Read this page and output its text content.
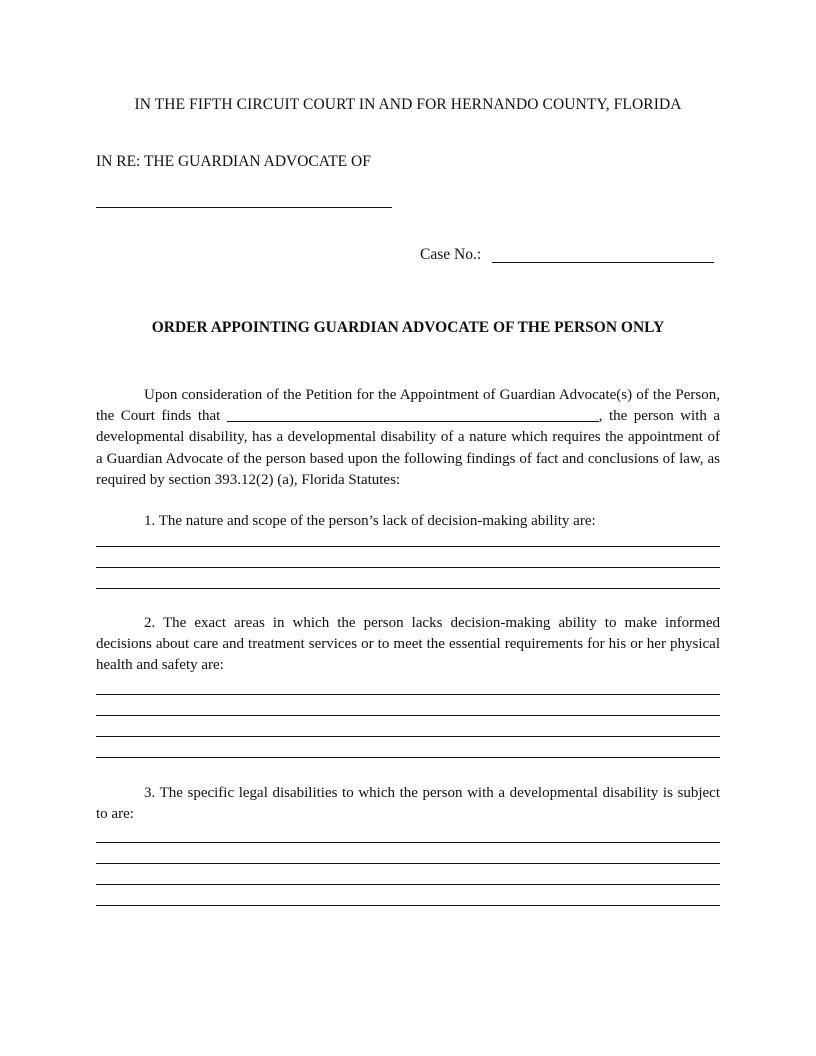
IN THE FIFTH CIRCUIT COURT IN AND FOR HERNANDO COUNTY, FLORIDA
IN RE: THE GUARDIAN ADVOCATE OF
Case No.:
ORDER APPOINTING GUARDIAN ADVOCATE OF THE PERSON ONLY
Upon consideration of the Petition for the Appointment of Guardian Advocate(s) of the Person, the Court finds that	, the person with a developmental disability, has a developmental disability of a nature which requires the appointment of a Guardian Advocate of the person based upon the following findings of fact and conclusions of law, as required by section 393.12(2) (a), Florida Statutes:
1. The nature and scope of the person’s lack of decision-making ability are:
2. The exact areas in which the person lacks decision-making ability to make informed decisions about care and treatment services or to meet the essential requirements for his or her physical health and safety are:
3. The specific legal disabilities to which the person with a developmental disability is subject to are:
